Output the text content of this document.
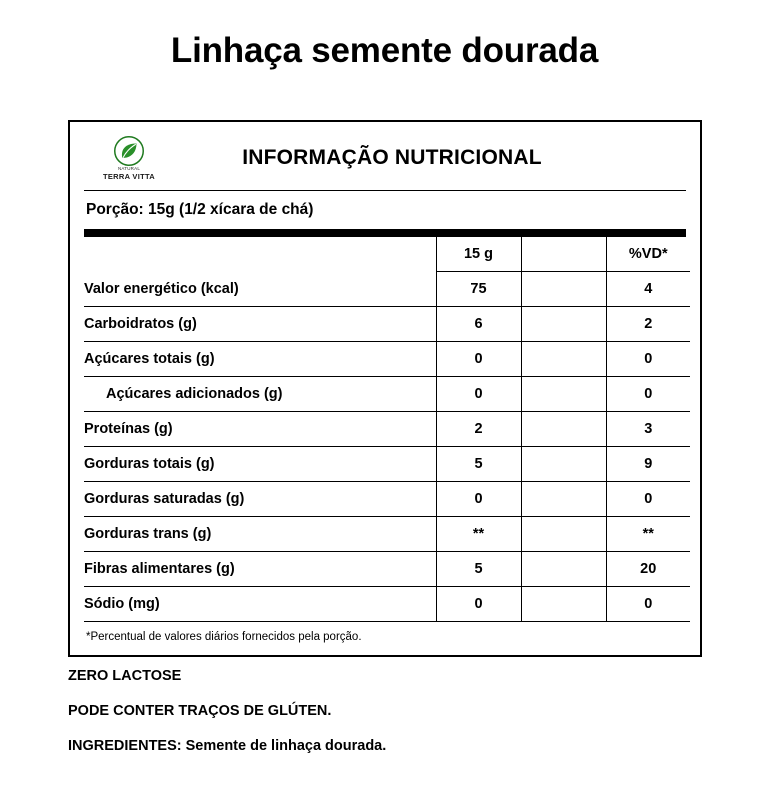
Linhaça semente dourada
NATURAL
TERRA VITTA
INFORMAÇÃO NUTRICIONAL
Porção: 15g (1/2 xícara de chá)
	15 g		%VD*
Valor energético (kcal)	75		4
Carboidratos (g)	6		2
Açúcares totais (g)	0		0
Açúcares adicionados (g)	0		0
Proteínas (g)	2		3
Gorduras totais (g)	5		9
Gorduras saturadas (g)	0		0
Gorduras trans (g)	**		**
Fibras alimentares (g)	5		20
Sódio (mg)	0		0
*Percentual de valores diários fornecidos pela porção.
ZERO LACTOSE
PODE CONTER TRAÇOS DE GLÚTEN.
INGREDIENTES: Semente de linhaça dourada.
